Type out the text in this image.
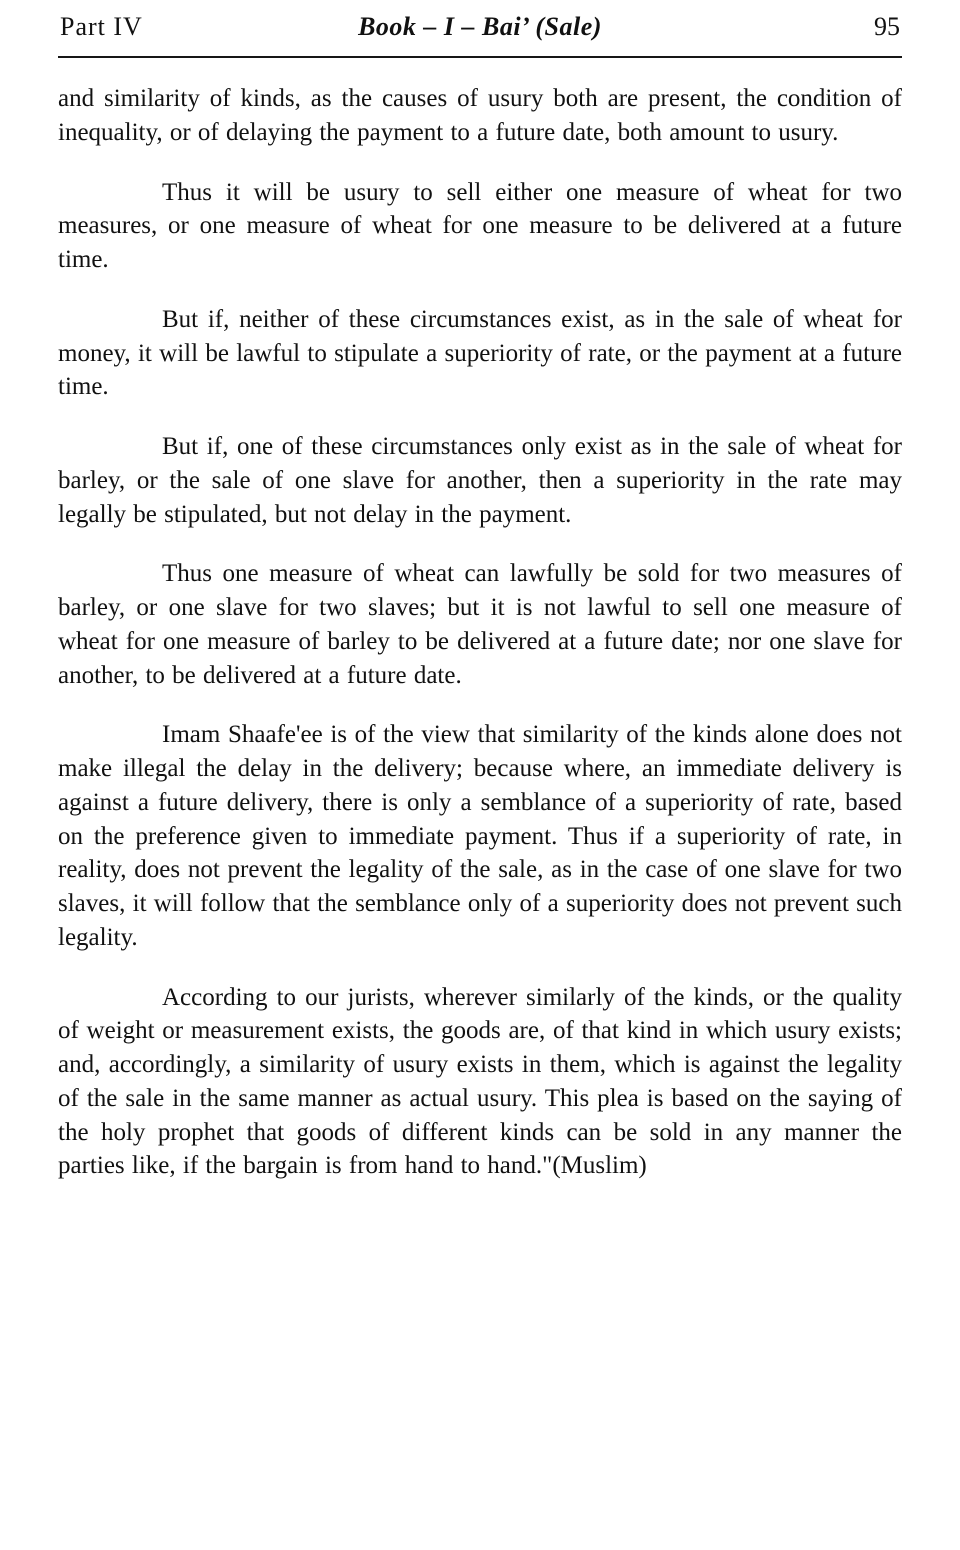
Part IV	Book – I – Bai’ (Sale)	95

and similarity of kinds, as the causes of usury both are present, the condition of inequality, or of delaying the payment to a future date, both amount to usury.

Thus it will be usury to sell either one measure of wheat for two measures, or one measure of wheat for one measure to be delivered at a future time.

But if, neither of these circumstances exist, as in the sale of wheat for money, it will be lawful to stipulate a superiority of rate, or the payment at a future time.

But if, one of these circumstances only exist as in the sale of wheat for barley, or the sale of one slave for another, then a superiority in the rate may legally be stipulated, but not delay in the payment.

Thus one measure of wheat can lawfully be sold for two measures of barley, or one slave for two slaves; but it is not lawful to sell one measure of wheat for one measure of barley to be delivered at a future date; nor one slave for another, to be delivered at a future date.

Imam Shaafe'ee is of the view that similarity of the kinds alone does not make illegal the delay in the delivery; because where, an immediate delivery is against a future delivery, there is only a semblance of a superiority of rate, based on the preference given to immediate payment. Thus if a superiority of rate, in reality, does not prevent the legality of the sale, as in the case of one slave for two slaves, it will follow that the semblance only of a superiority does not prevent such legality.

According to our jurists, wherever similarly of the kinds, or the quality of weight or measurement exists, the goods are, of that kind in which usury exists; and, accordingly, a similarity of usury exists in them, which is against the legality of the sale in the same manner as actual usury. This plea is based on the saying of the holy prophet that goods of different kinds can be sold in any manner the parties like, if the bargain is from hand to hand."(Muslim)
